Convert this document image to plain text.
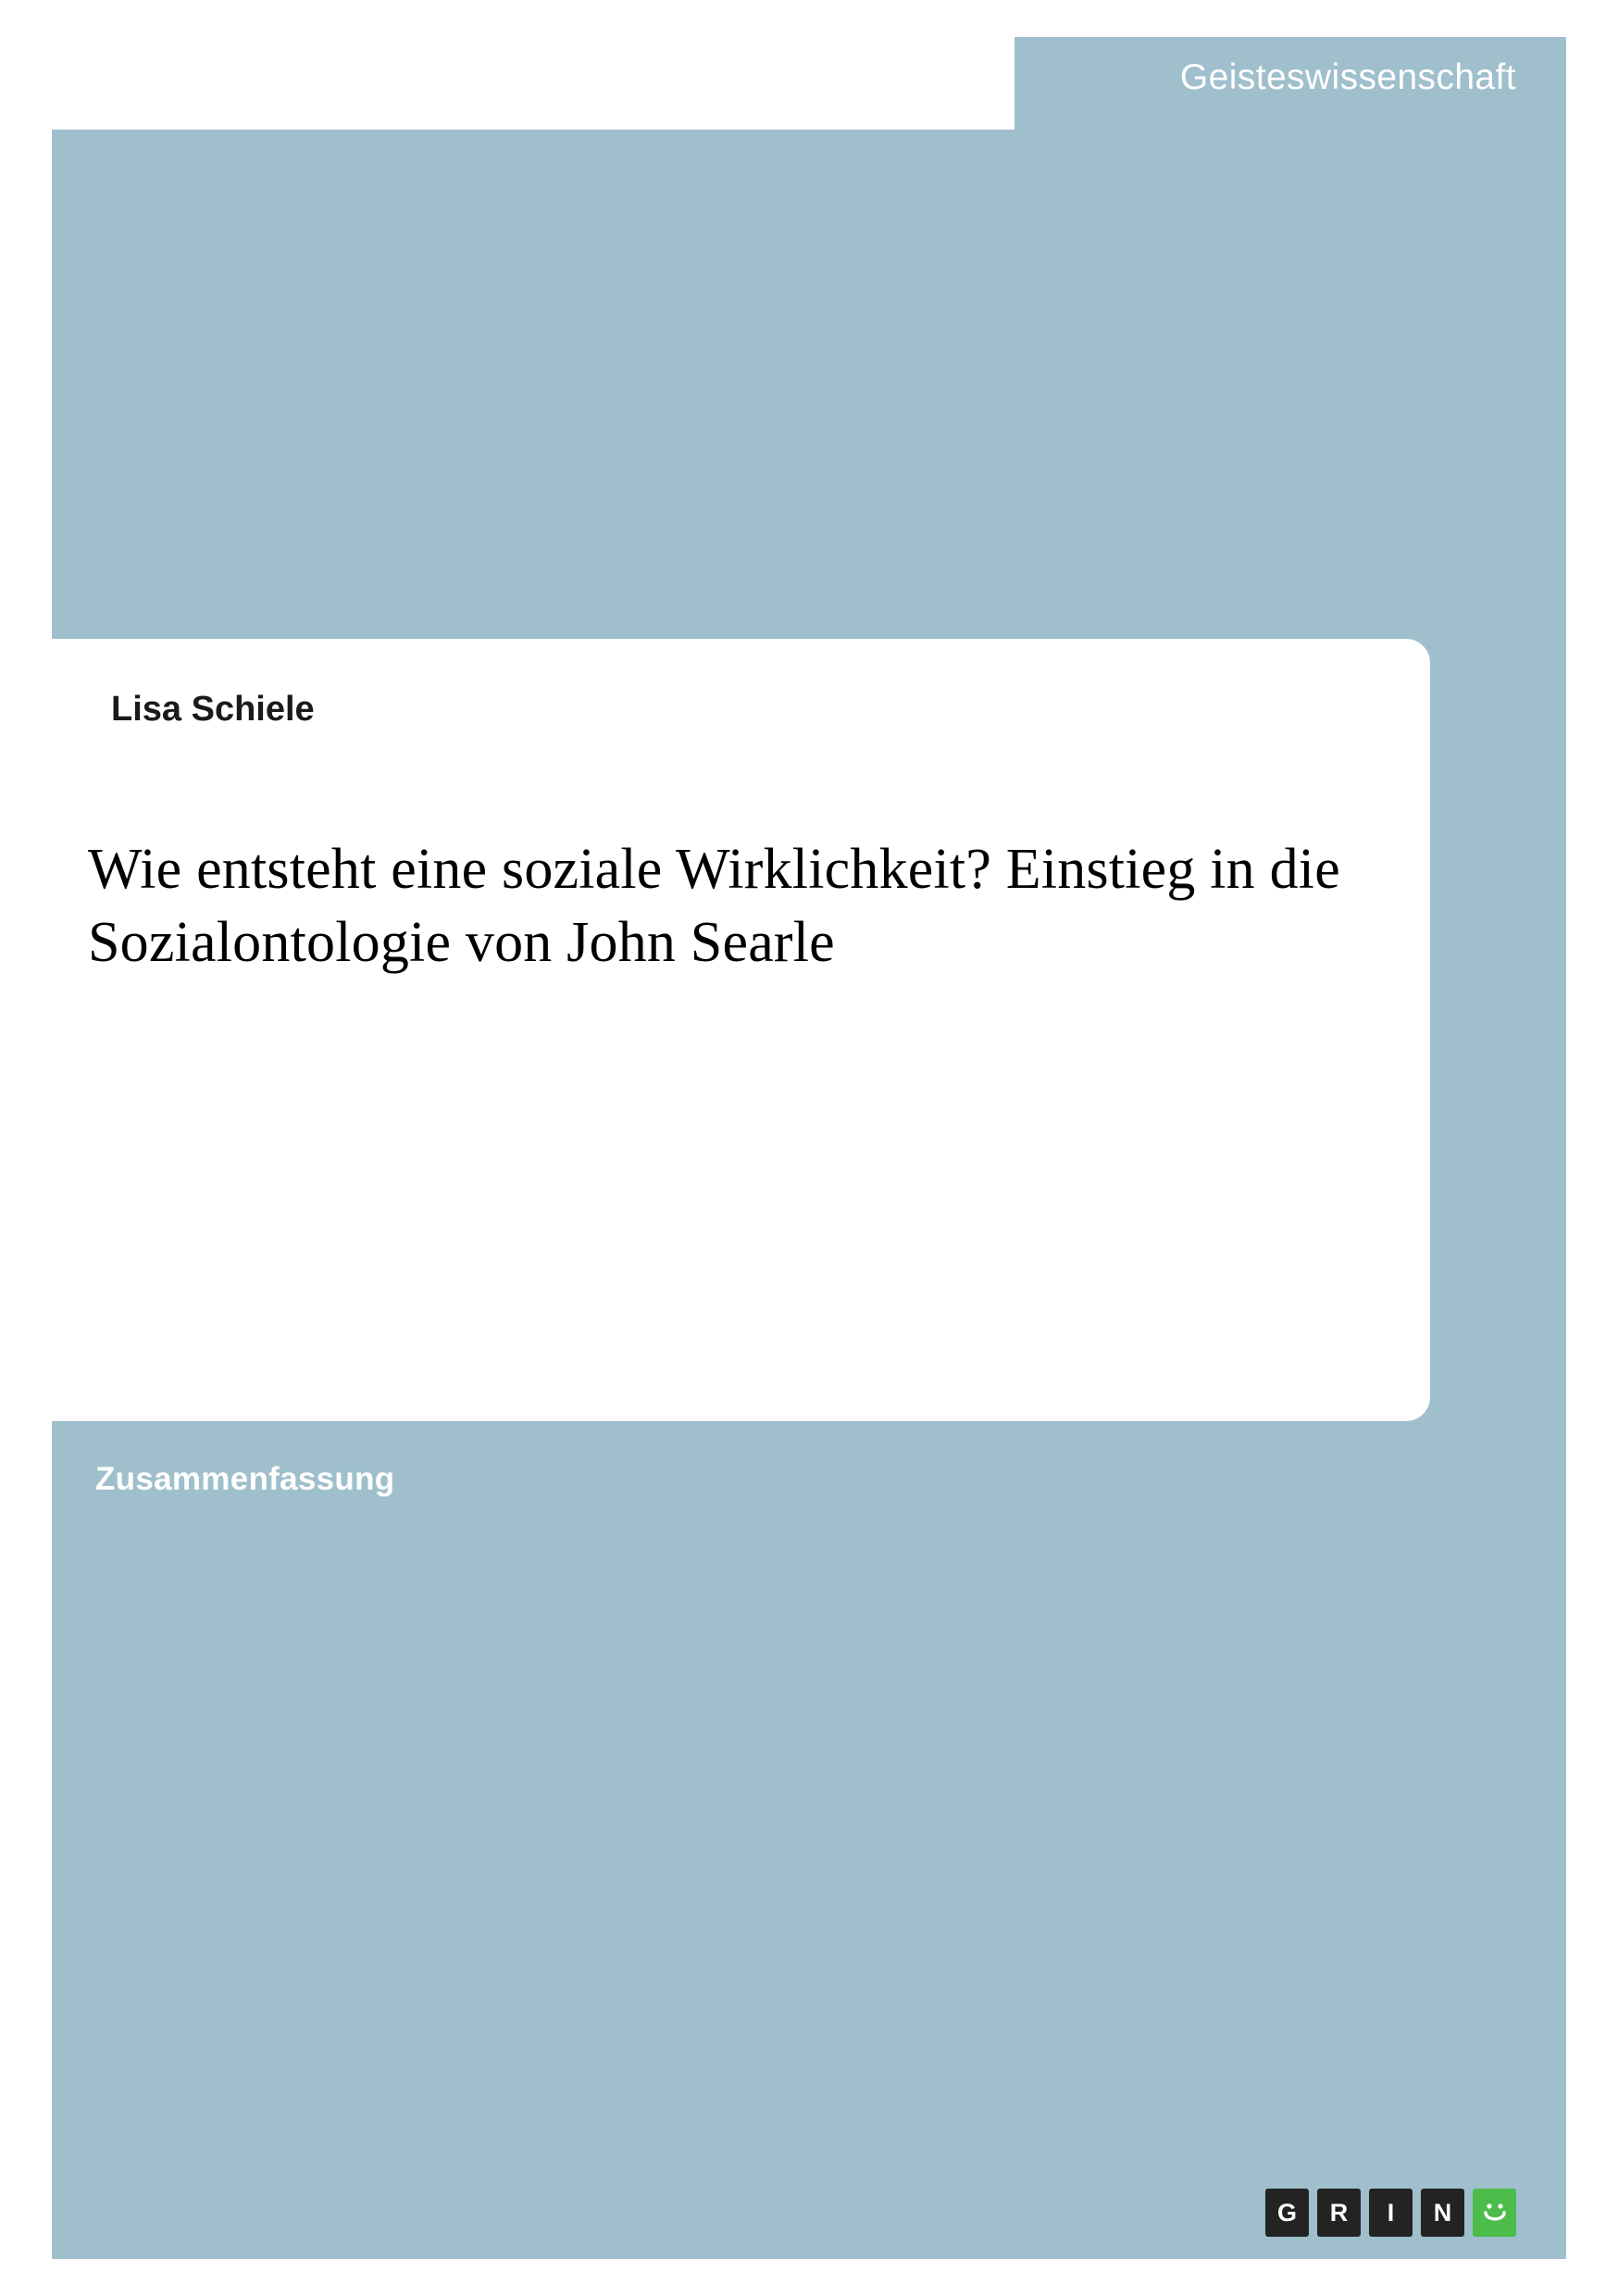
Geisteswissenschaft
Lisa Schiele
Wie entsteht eine soziale Wirklichkeit? Einstieg in die Sozialontologie von John Searle
Zusammenfassung
G	R	I	N
